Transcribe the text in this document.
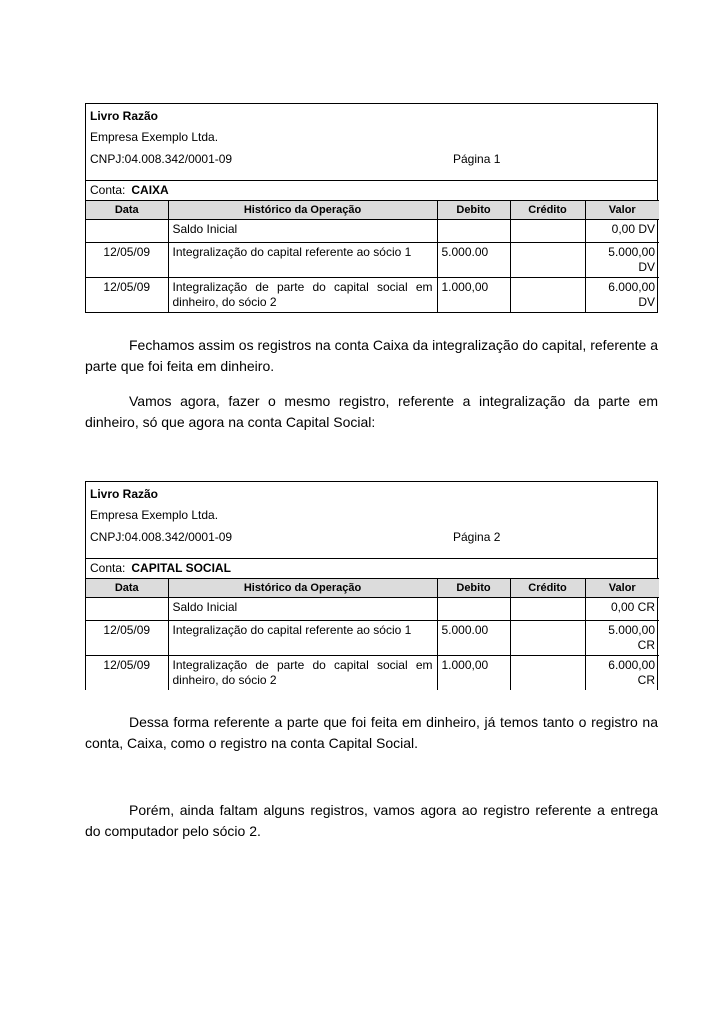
Livro Razão
Empresa Exemplo Ltda.
CNPJ:04.008.342/0001-09	Página 1
Conta: CAIXA
Data	Histórico da Operação	Debito	Crédito	Valor
	Saldo Inicial			0,00 DV
12/05/09	Integralização do capital referente ao sócio 1	5.000.00		5.000,00 DV
12/05/09	Integralização de parte do capital social em dinheiro, do sócio 2	1.000,00		6.000,00 DV

Fechamos assim os registros na conta Caixa da integralização do capital, referente a parte que foi feita em dinheiro.

Vamos agora, fazer o mesmo registro, referente a integralização da parte em dinheiro, só que agora na conta Capital Social:

Livro Razão
Empresa Exemplo Ltda.
CNPJ:04.008.342/0001-09	Página 2
Conta: CAPITAL SOCIAL
Data	Histórico da Operação	Debito	Crédito	Valor
	Saldo Inicial			0,00 CR
12/05/09	Integralização do capital referente ao sócio 1	5.000.00		5.000,00 CR
12/05/09	Integralização de parte do capital social em dinheiro, do sócio 2	1.000,00		6.000,00 CR

Dessa forma referente a parte que foi feita em dinheiro, já temos tanto o registro na conta, Caixa, como o registro na conta Capital Social.

Porém, ainda faltam alguns registros, vamos agora ao registro referente a entrega do computador pelo sócio 2.
